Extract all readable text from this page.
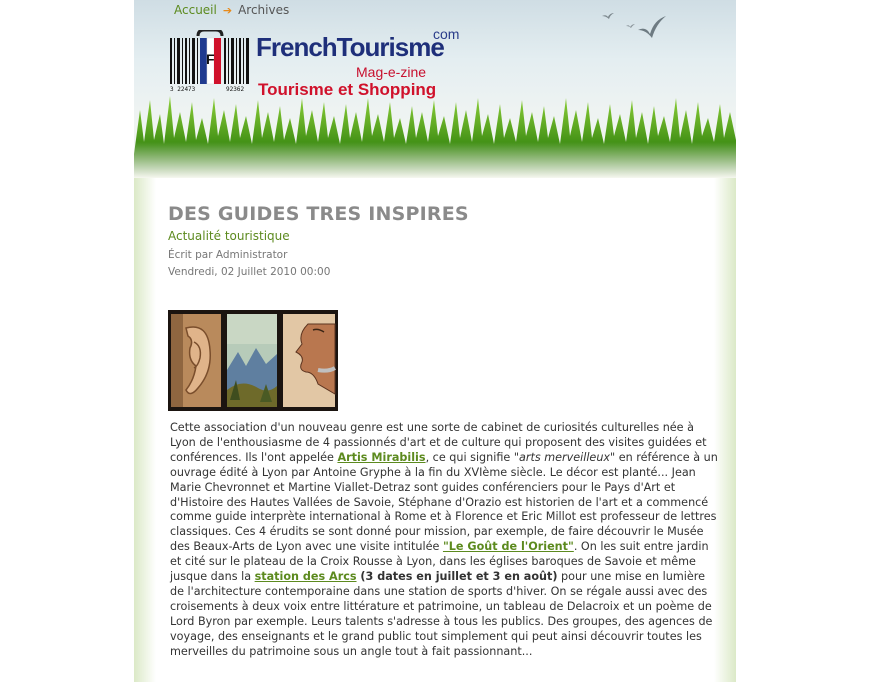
Accueil ➔ Archives
F
3 22473	92362
com
FrenchTourisme
Mag-e-zine
Tourisme et Shopping
DES GUIDES TRES INSPIRES
Actualité touristique
Écrit par Administrator
Vendredi, 02 Juillet 2010 00:00

Cette association d'un nouveau genre est une sorte de cabinet de curiosités culturelles née à Lyon de l'enthousiasme de 4 passionnés d'art et de culture qui proposent des visites guidées et conférences. Ils l'ont appelée Artis Mirabilis, ce qui signifie "arts merveilleux" en référence à un ouvrage édité à Lyon par Antoine Gryphe à la fin du XVIème siècle. Le décor est planté... Jean Marie Chevronnet et Martine Viallet-Detraz sont guides conférenciers pour le Pays d'Art et d'Histoire des Hautes Vallées de Savoie, Stéphane d'Orazio est historien de l'art et a commencé comme guide interprète international à Rome et à Florence et Eric Millot est professeur de lettres classiques. Ces 4 érudits se sont donné pour mission, par exemple, de faire découvrir le Musée des Beaux-Arts de Lyon avec une visite intitulée "Le Goût de l'Orient". On les suit entre jardin et cité sur le plateau de la Croix Rousse à Lyon, dans les églises baroques de Savoie et même jusque dans la station des Arcs (3 dates en juillet et 3 en août) pour une mise en lumière de l'architecture contemporaine dans une station de sports d'hiver. On se régale aussi avec des croisements à deux voix entre littérature et patrimoine, un tableau de Delacroix et un poème de Lord Byron par exemple. Leurs talents s'adresse à tous les publics. Des groupes, des agences de voyage, des enseignants et le grand public tout simplement qui peut ainsi découvrir toutes les merveilles du patrimoine sous un angle tout à fait passionnant...
